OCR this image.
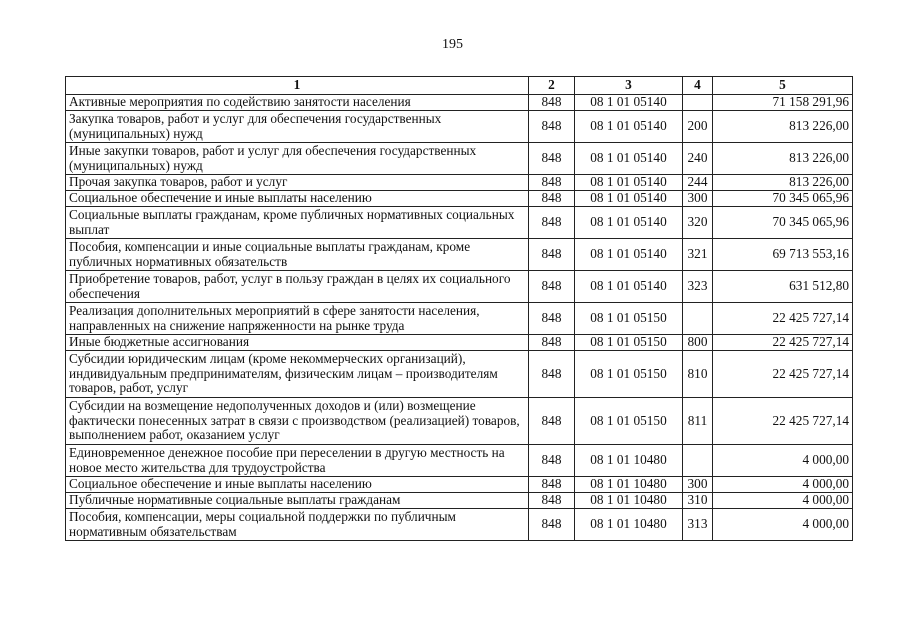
195
1	2	3	4	5
Активные мероприятия по содействию занятости населения	848	08 1 01 05140		71 158 291,96
Закупка товаров, работ и услуг для обеспечения государственных (муниципальных) нужд	848	08 1 01 05140	200	813 226,00
Иные закупки товаров, работ и услуг для обеспечения государственных (муниципальных) нужд	848	08 1 01 05140	240	813 226,00
Прочая закупка товаров, работ и услуг	848	08 1 01 05140	244	813 226,00
Социальное обеспечение и иные выплаты населению	848	08 1 01 05140	300	70 345 065,96
Социальные выплаты гражданам, кроме публичных нормативных социальных выплат	848	08 1 01 05140	320	70 345 065,96
Пособия, компенсации и иные социальные выплаты гражданам, кроме публичных нормативных обязательств	848	08 1 01 05140	321	69 713 553,16
Приобретение товаров, работ, услуг в пользу граждан в целях их социального обеспечения	848	08 1 01 05140	323	631 512,80
Реализация дополнительных мероприятий в сфере занятости населения, направленных на снижение напряженности на рынке труда	848	08 1 01 05150		22 425 727,14
Иные бюджетные ассигнования	848	08 1 01 05150	800	22 425 727,14
Субсидии юридическим лицам (кроме некоммерческих организаций), индивидуальным предпринимателям, физическим лицам – производителям товаров, работ, услуг	848	08 1 01 05150	810	22 425 727,14
Субсидии на возмещение недополученных доходов и (или) возмещение фактически понесенных затрат в связи с производством (реализацией) товаров, выполнением работ, оказанием услуг	848	08 1 01 05150	811	22 425 727,14
Единовременное денежное пособие при переселении в другую местность на новое место жительства для трудоустройства	848	08 1 01 10480		4 000,00
Социальное обеспечение и иные выплаты населению	848	08 1 01 10480	300	4 000,00
Публичные нормативные социальные выплаты гражданам	848	08 1 01 10480	310	4 000,00
Пособия, компенсации, меры социальной поддержки по публичным нормативным обязательствам	848	08 1 01 10480	313	4 000,00
